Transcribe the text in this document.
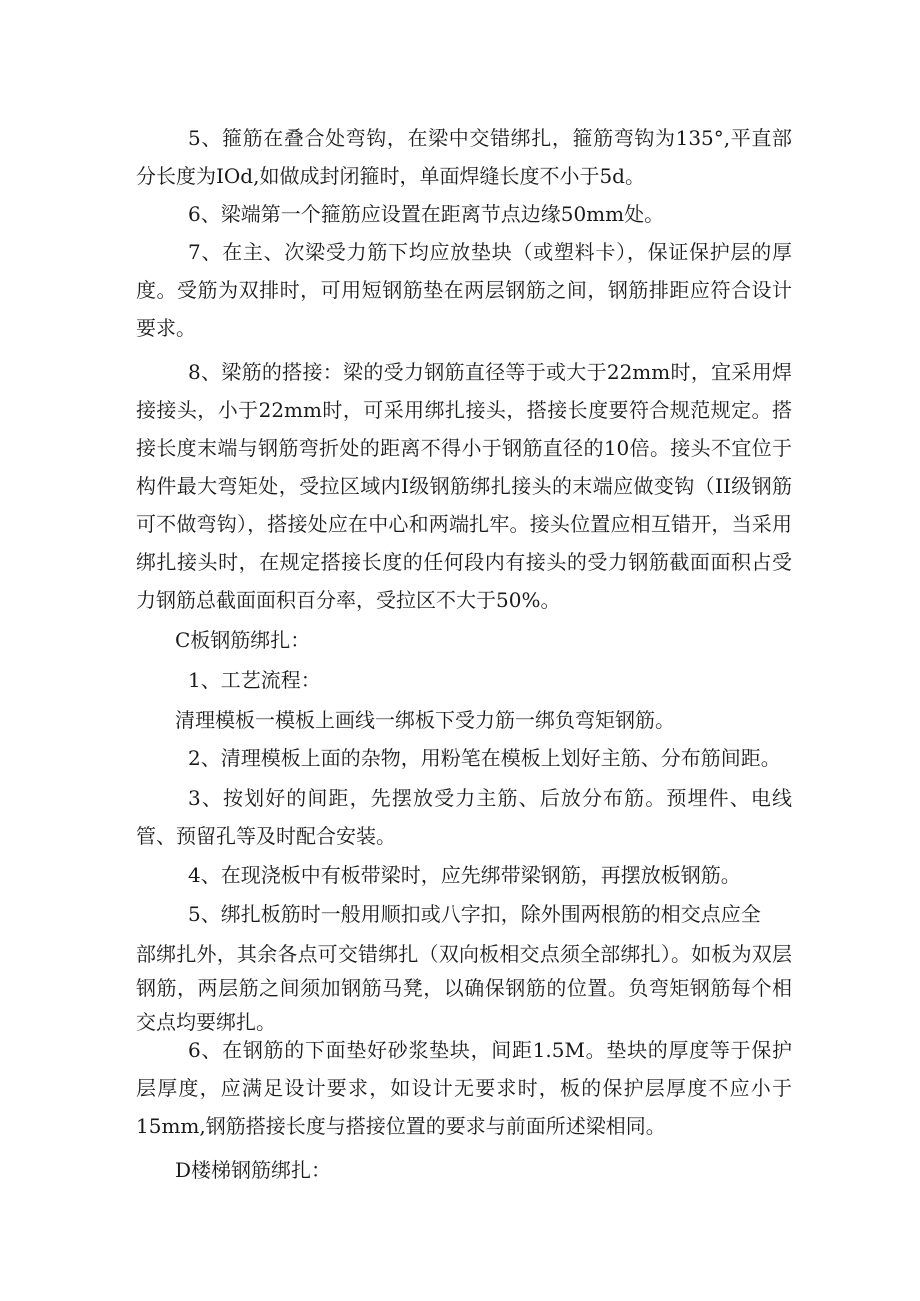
5、箍筋在叠合处弯钩，在梁中交错绑扎，箍筋弯钩为135°,平直部分长度为IOd,如做成封闭箍时，单面焊缝长度不小于5d。

6、梁端第一个箍筋应设置在距离节点边缘50mm处。

7、在主、次梁受力筋下均应放垫块（或塑料卡），保证保护层的厚度。受筋为双排时，可用短钢筋垫在两层钢筋之间，钢筋排距应符合设计要求。

8、梁筋的搭接：梁的受力钢筋直径等于或大于22mm时，宜采用焊接接头，小于22mm时，可采用绑扎接头，搭接长度要符合规范规定。搭接长度末端与钢筋弯折处的距离不得小于钢筋直径的10倍。接头不宜位于构件最大弯矩处，受拉区域内I级钢筋绑扎接头的末端应做变钩（II级钢筋可不做弯钩），搭接处应在中心和两端扎牢。接头位置应相互错开，当采用绑扎接头时，在规定搭接长度的任何段内有接头的受力钢筋截面面积占受力钢筋总截面面积百分率，受拉区不大于50%。

C板钢筋绑扎：

1、工艺流程：

清理模板一模板上画线一绑板下受力筋一绑负弯矩钢筋。

2、清理模板上面的杂物，用粉笔在模板上划好主筋、分布筋间距。

3、按划好的间距，先摆放受力主筋、后放分布筋。预埋件、电线管、预留孔等及时配合安装。

4、在现浇板中有板带梁时，应先绑带梁钢筋，再摆放板钢筋。

5、绑扎板筋时一般用顺扣或八字扣，除外围两根筋的相交点应全

部绑扎外，其余各点可交错绑扎（双向板相交点须全部绑扎）。如板为双层钢筋，两层筋之间须加钢筋马凳，以确保钢筋的位置。负弯矩钢筋每个相交点均要绑扎。

6、在钢筋的下面垫好砂浆垫块，间距1.5M。垫块的厚度等于保护层厚度，应满足设计要求，如设计无要求时，板的保护层厚度不应小于15mm,钢筋搭接长度与搭接位置的要求与前面所述梁相同。

D楼梯钢筋绑扎：
